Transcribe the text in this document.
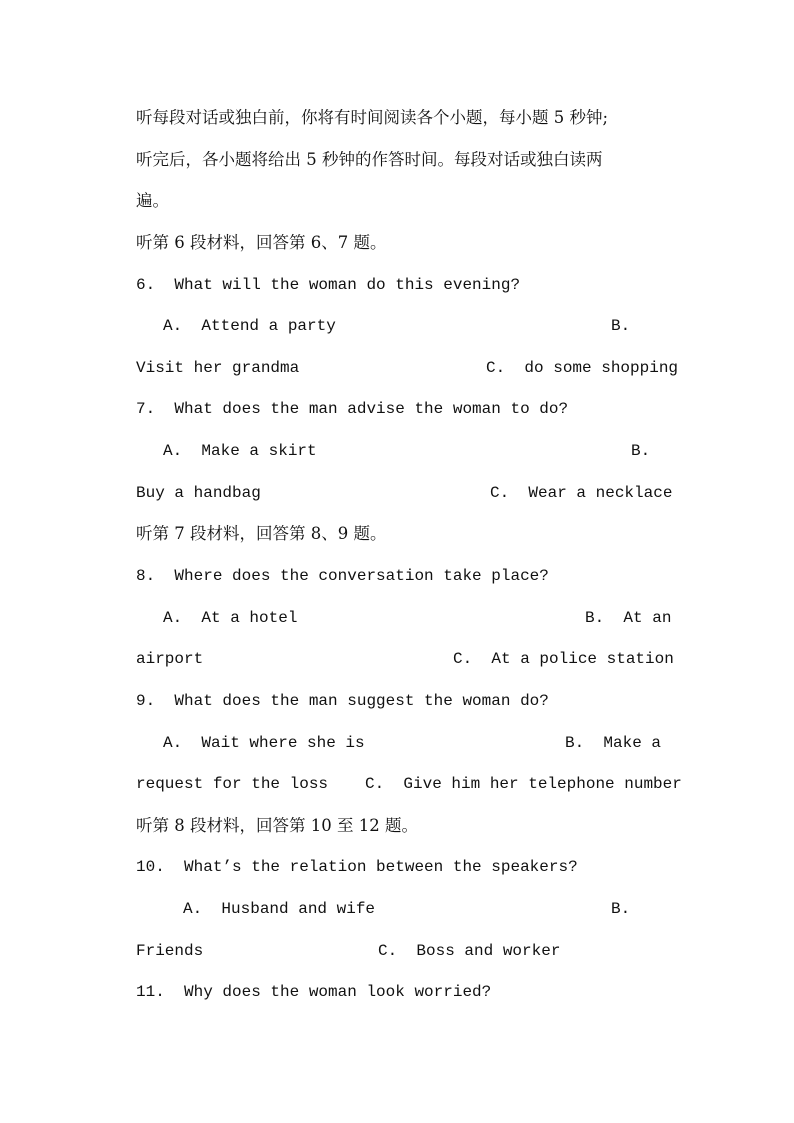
听每段对话或独白前，你将有时间阅读各个小题，每小题 5 秒钟;
听完后，各小题将给出 5 秒钟的作答时间。每段对话或独白读两
遍。
听第 6 段材料，回答第 6、7 题。
6.  What will the woman do this evening?
A.  Attend a party	B.
Visit her grandma	C.  do some shopping
7.  What does the man advise the woman to do?
A.  Make a skirt	B.
Buy a handbag	C.  Wear a necklace
听第 7 段材料，回答第 8、9 题。
8.  Where does the conversation take place?
A.  At a hotel	B.  At an
airport	C.  At a police station
9.  What does the man suggest the woman do?
A.  Wait where she is	B.  Make a
request for the loss C.  Give him her telephone number
听第 8 段材料，回答第 10 至 12 题。
10.  What’s the relation between the speakers?
A.  Husband and wife	B.
Friends	C.  Boss and worker
11.  Why does the woman look worried?
